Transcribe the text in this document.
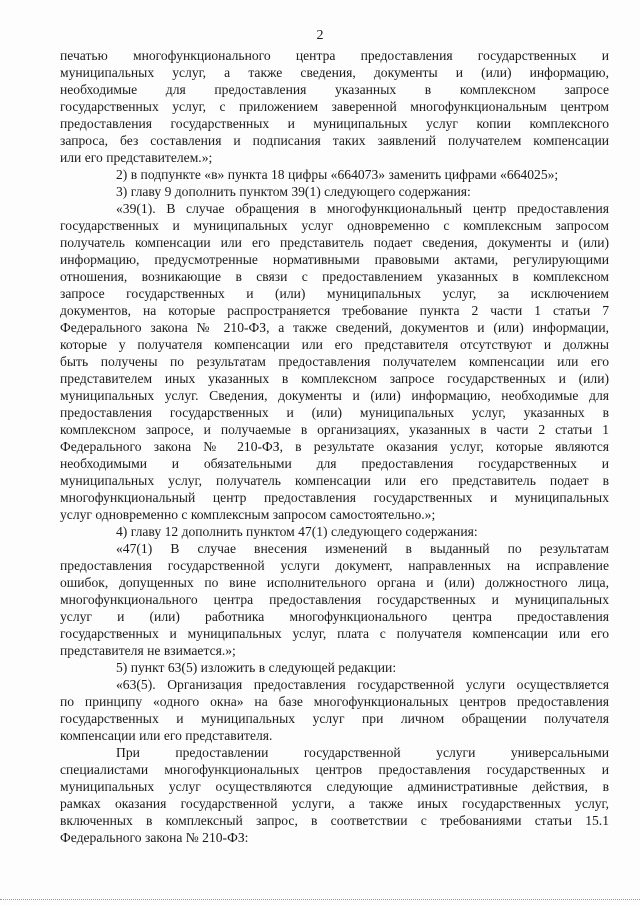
2
печатью многофункционального центра предоставления государственных и
муниципальных услуг, а также сведения, документы и (или) информацию,
необходимые для предоставления указанных в комплексном запросе
государственных услуг, с приложением заверенной многофункциональным центром
предоставления государственных и муниципальных услуг копии комплексного
запроса, без составления и подписания таких заявлений получателем компенсации
или его представителем.»;
2) в подпункте «в» пункта 18 цифры «664073» заменить цифрами «664025»;
3) главу 9 дополнить пунктом 39(1) следующего содержания:
«39(1). В случае обращения в многофункциональный центр предоставления
государственных и муниципальных услуг одновременно с комплексным запросом
получатель компенсации или его представитель подает сведения, документы и (или)
информацию, предусмотренные нормативными правовыми актами, регулирующими
отношения, возникающие в связи с предоставлением указанных в комплексном
запросе государственных и (или) муниципальных услуг, за исключением
документов, на которые распространяется требование пункта 2 части 1 статьи 7
Федерального закона № 210-ФЗ, а также сведений, документов и (или) информации,
которые у получателя компенсации или его представителя отсутствуют и должны
быть получены по результатам предоставления получателем компенсации или его
представителем иных указанных в комплексном запросе государственных и (или)
муниципальных услуг. Сведения, документы и (или) информацию, необходимые для
предоставления государственных и (или) муниципальных услуг, указанных в
комплексном запросе, и получаемые в организациях, указанных в части 2 статьи 1
Федерального закона № 210-ФЗ, в результате оказания услуг, которые являются
необходимыми и обязательными для предоставления государственных и
муниципальных услуг, получатель компенсации или его представитель подает в
многофункциональный центр предоставления государственных и муниципальных
услуг одновременно с комплексным запросом самостоятельно.»;
4) главу 12 дополнить пунктом 47(1) следующего содержания:
«47(1) В случае внесения изменений в выданный по результатам
предоставления государственной услуги документ, направленных на исправление
ошибок, допущенных по вине исполнительного органа и (или) должностного лица,
многофункционального центра предоставления государственных и муниципальных
услуг и (или) работника многофункционального центра предоставления
государственных и муниципальных услуг, плата с получателя компенсации или его
представителя не взимается.»;
5) пункт 63(5) изложить в следующей редакции:
«63(5). Организация предоставления государственной услуги осуществляется
по принципу «одного окна» на базе многофункциональных центров предоставления
государственных и муниципальных услуг при личном обращении получателя
компенсации или его представителя.
При предоставлении государственной услуги универсальными
специалистами многофункциональных центров предоставления государственных и
муниципальных услуг осуществляются следующие административные действия, в
рамках оказания государственной услуги, а также иных государственных услуг,
включенных в комплексный запрос, в соответствии с требованиями статьи 15.1
Федерального закона № 210-ФЗ:
